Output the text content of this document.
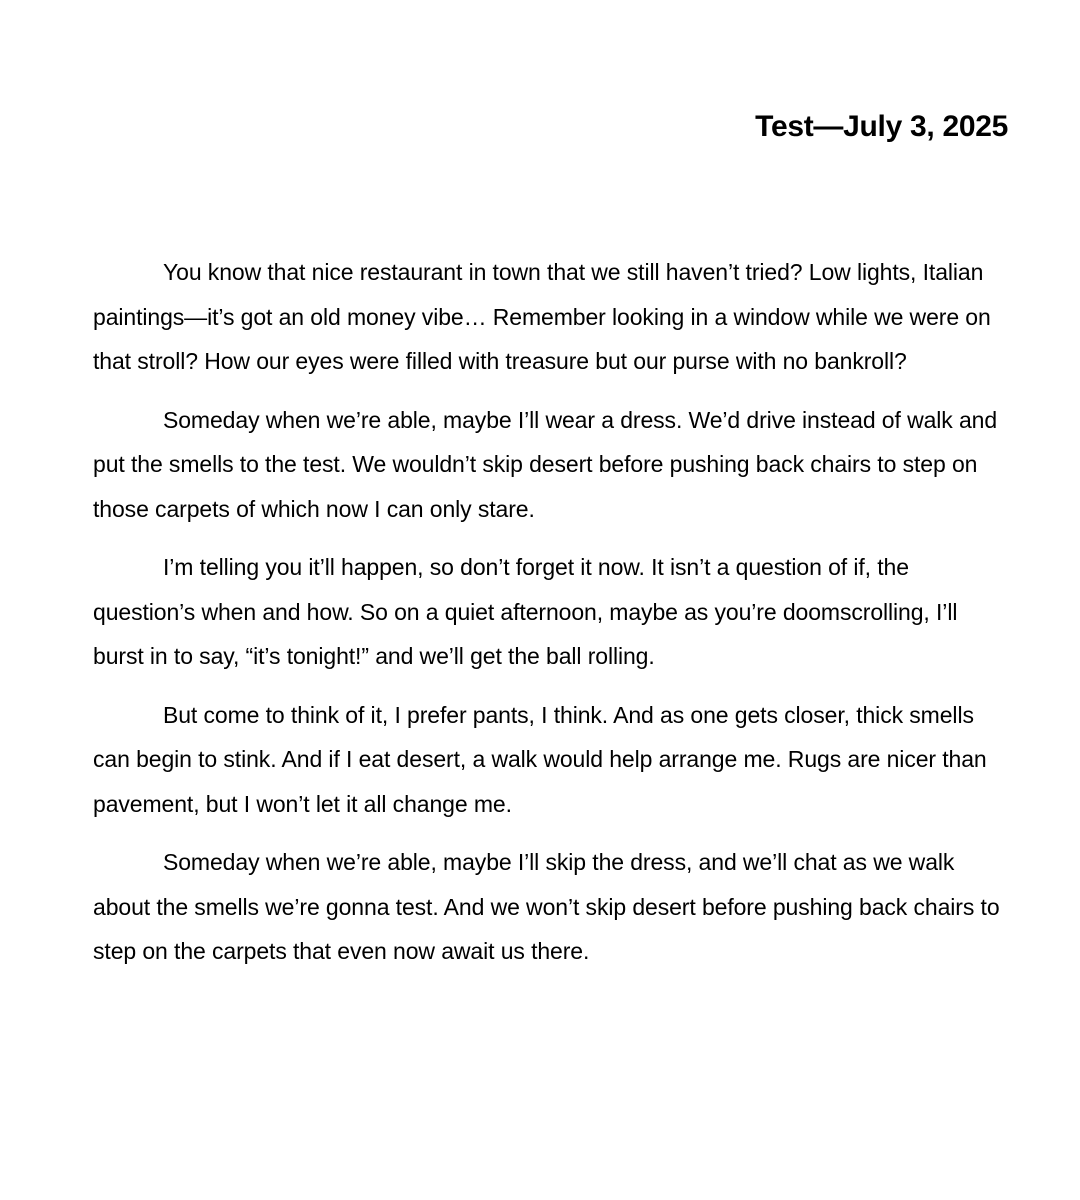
Test—July 3, 2025

You know that nice restaurant in town that we still haven’t tried? Low lights, Italian paintings—it’s got an old money vibe… Remember looking in a window while we were on that stroll? How our eyes were filled with treasure but our purse with no bankroll?

Someday when we’re able, maybe I’ll wear a dress. We’d drive instead of walk and put the smells to the test. We wouldn’t skip desert before pushing back chairs to step on those carpets of which now I can only stare.

I’m telling you it’ll happen, so don’t forget it now. It isn’t a question of if, the question’s when and how. So on a quiet afternoon, maybe as you’re doomscrolling, I’ll burst in to say, “it’s tonight!” and we’ll get the ball rolling.

But come to think of it, I prefer pants, I think. And as one gets closer, thick smells can begin to stink. And if I eat desert, a walk would help arrange me. Rugs are nicer than pavement, but I won’t let it all change me.

Someday when we’re able, maybe I’ll skip the dress, and we’ll chat as we walk about the smells we’re gonna test. And we won’t skip desert before pushing back chairs to step on the carpets that even now await us there.
